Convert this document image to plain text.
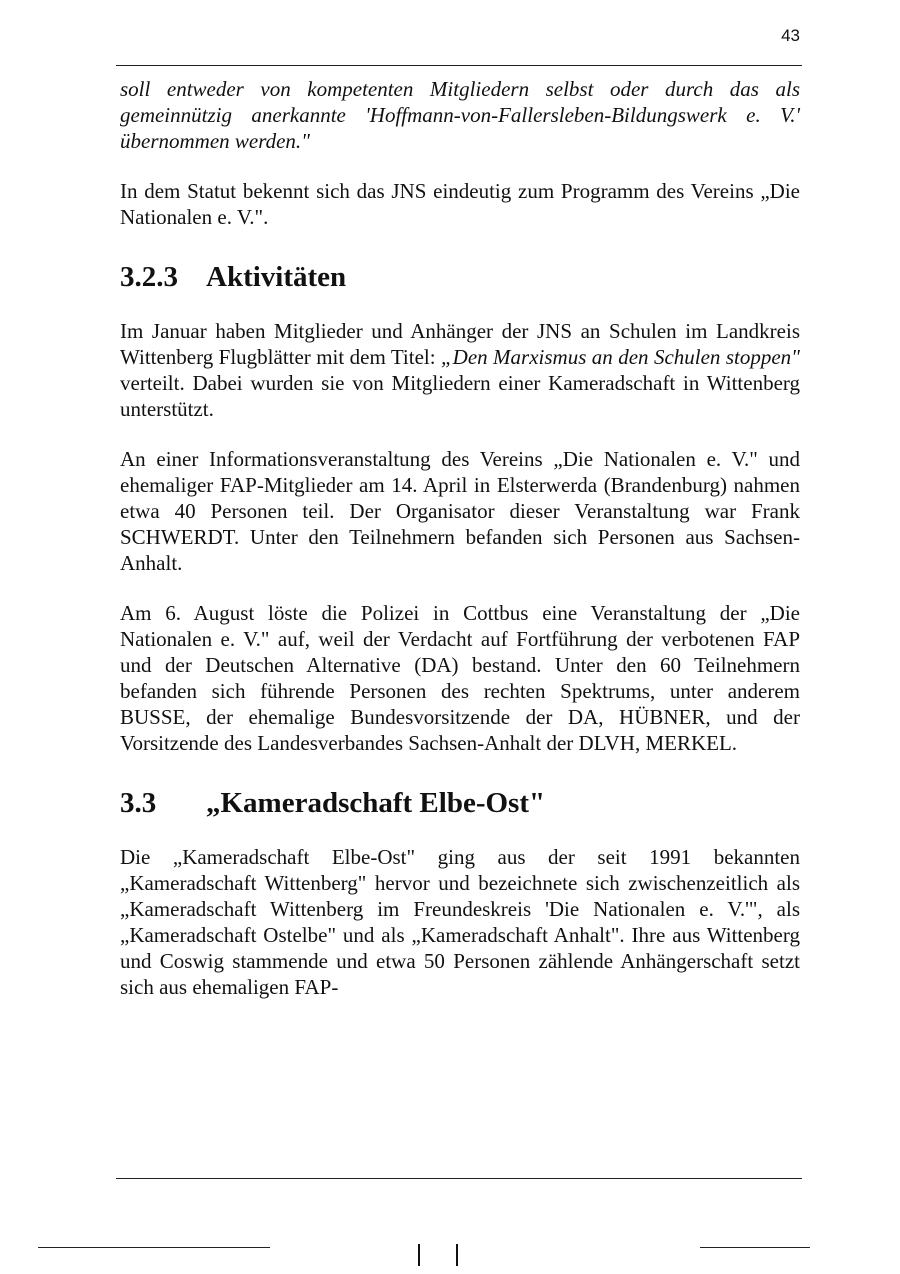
43

soll entweder von kompetenten Mitgliedern selbst oder durch das als gemeinnützig anerkannte 'Hoffmann-von-Fallersleben-Bildungswerk e. V.' übernommen werden."

In dem Statut bekennt sich das JNS eindeutig zum Programm des Vereins „Die Nationalen e. V.".

3.2.3 Aktivitäten

Im Januar haben Mitglieder und Anhänger der JNS an Schulen im Landkreis Wittenberg Flugblätter mit dem Titel: „Den Marxismus an den Schulen stoppen" verteilt. Dabei wurden sie von Mitgliedern einer Kameradschaft in Wittenberg unterstützt.

An einer Informationsveranstaltung des Vereins „Die Nationalen e. V." und ehemaliger FAP-Mitglieder am 14. April in Elsterwerda (Brandenburg) nahmen etwa 40 Personen teil. Der Organisator dieser Veranstaltung war Frank SCHWERDT. Unter den Teilnehmern befanden sich Personen aus Sachsen-Anhalt.

Am 6. August löste die Polizei in Cottbus eine Veranstaltung der „Die Nationalen e. V." auf, weil der Verdacht auf Fortführung der verbotenen FAP und der Deutschen Alternative (DA) bestand. Unter den 60 Teilnehmern befanden sich führende Personen des rechten Spektrums, unter anderem BUSSE, der ehemalige Bundesvorsitzende der DA, HÜBNER, und der Vorsitzende des Landesverbandes Sachsen-Anhalt der DLVH, MERKEL.

3.3 „Kameradschaft Elbe-Ost"

Die „Kameradschaft Elbe-Ost" ging aus der seit 1991 bekannten „Kameradschaft Wittenberg" hervor und bezeichnete sich zwischenzeitlich als „Kameradschaft Wittenberg im Freundeskreis 'Die Nationalen e. V.'", als „Kameradschaft Ostelbe" und als „Kameradschaft Anhalt". Ihre aus Wittenberg und Coswig stammende und etwa 50 Personen zählende Anhängerschaft setzt sich aus ehemaligen FAP-
